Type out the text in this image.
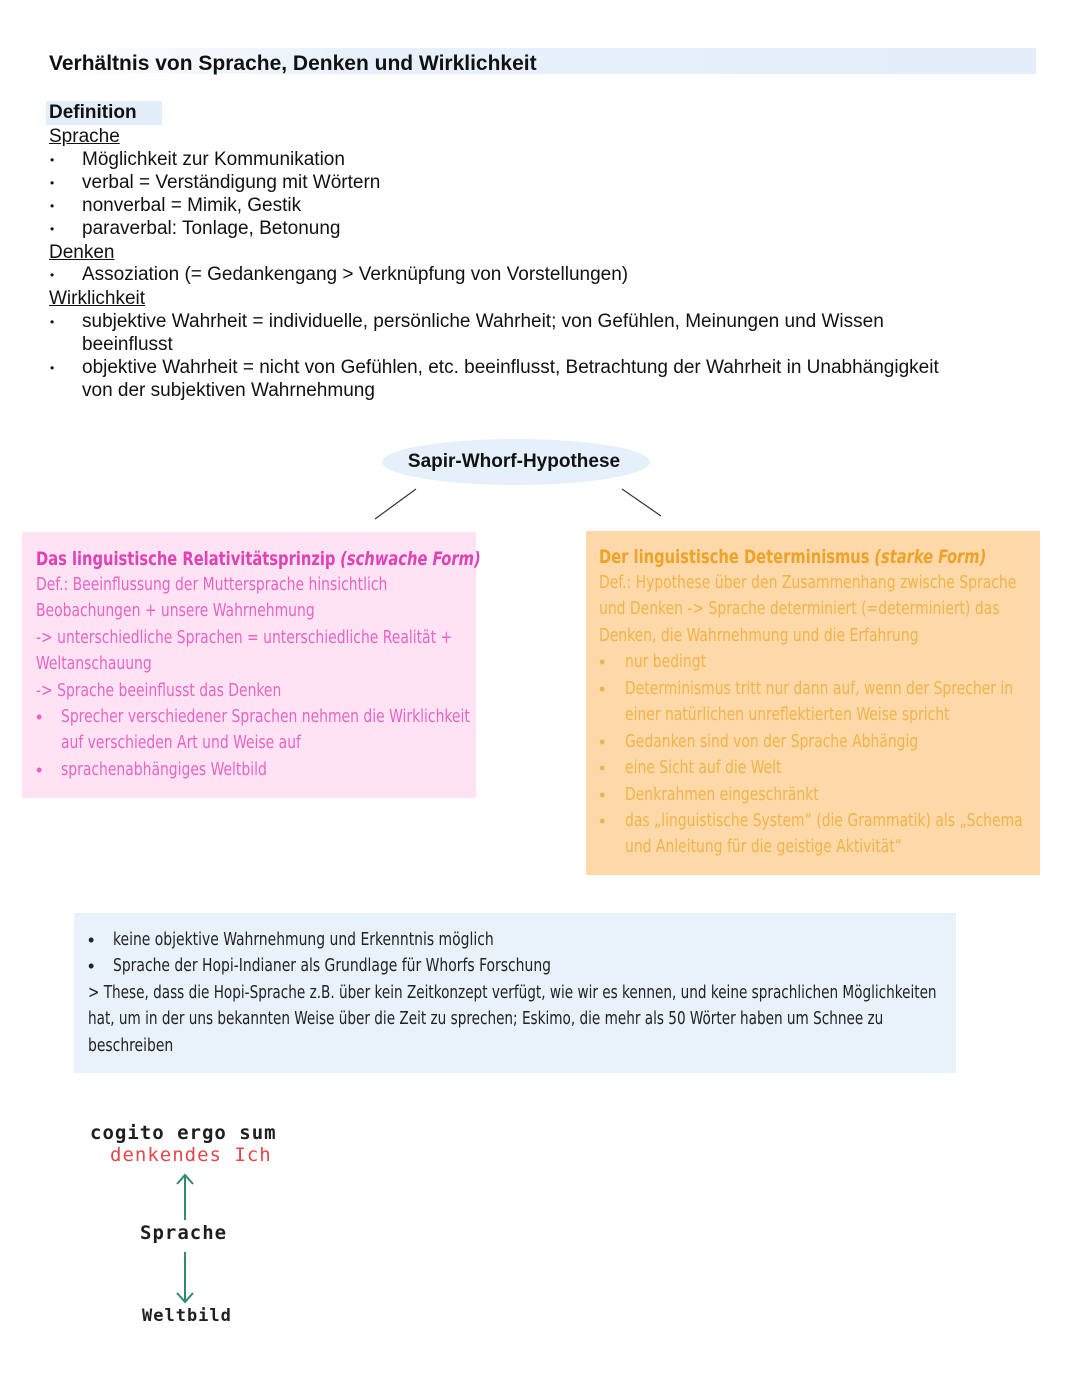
Verhältnis von Sprache, Denken und Wirklichkeit
Definition
Sprache
• Möglichkeit zur Kommunikation
• verbal = Verständigung mit Wörtern
• nonverbal = Mimik, Gestik
• paraverbal: Tonlage, Betonung
Denken
• Assoziation (= Gedankengang > Verknüpfung von Vorstellungen)
Wirklichkeit
• subjektive Wahrheit = individuelle, persönliche Wahrheit; von Gefühlen, Meinungen und Wissen
beeinflusst
• objektive Wahrheit = nicht von Gefühlen, etc. beeinflusst, Betrachtung der Wahrheit in Unabhängigkeit
von der subjektiven Wahrnehmung
Sapir-Whorf-Hypothese
Das linguistische Relativitätsprinzip (schwache Form)
Def.: Beeinflussung der Muttersprache hinsichtlich
Beobachungen + unsere Wahrnehmung
-> unterschiedliche Sprachen = unterschiedliche Realität +
Weltanschauung
-> Sprache beeinflusst das Denken
• Sprecher verschiedener Sprachen nehmen die Wirklichkeit
auf verschieden Art und Weise auf
• sprachenabhängiges Weltbild
Der linguistische Determinismus (starke Form)
Def.: Hypothese über den Zusammenhang zwische Sprache
und Denken -> Sprache determiniert (=determiniert) das
Denken, die Wahrnehmung und die Erfahrung
• nur bedingt
• Determinismus tritt nur dann auf, wenn der Sprecher in
einer natürlichen unreflektierten Weise spricht
• Gedanken sind von der Sprache Abhängig
• eine Sicht auf die Welt
• Denkrahmen eingeschränkt
• das „linguistische System“ (die Grammatik) als „Schema
und Anleitung für die geistige Aktivität“
• keine objektive Wahrnehmung und Erkenntnis möglich
• Sprache der Hopi-Indianer als Grundlage für Whorfs Forschung
> These, dass die Hopi-Sprache z.B. über kein Zeitkonzept verfügt, wie wir es kennen, und keine sprachlichen Möglichkeiten
hat, um in der uns bekannten Weise über die Zeit zu sprechen; Eskimo, die mehr als 50 Wörter haben um Schnee zu
beschreiben
cogito ergo sum
denkendes Ich
Sprache
Weltbild
